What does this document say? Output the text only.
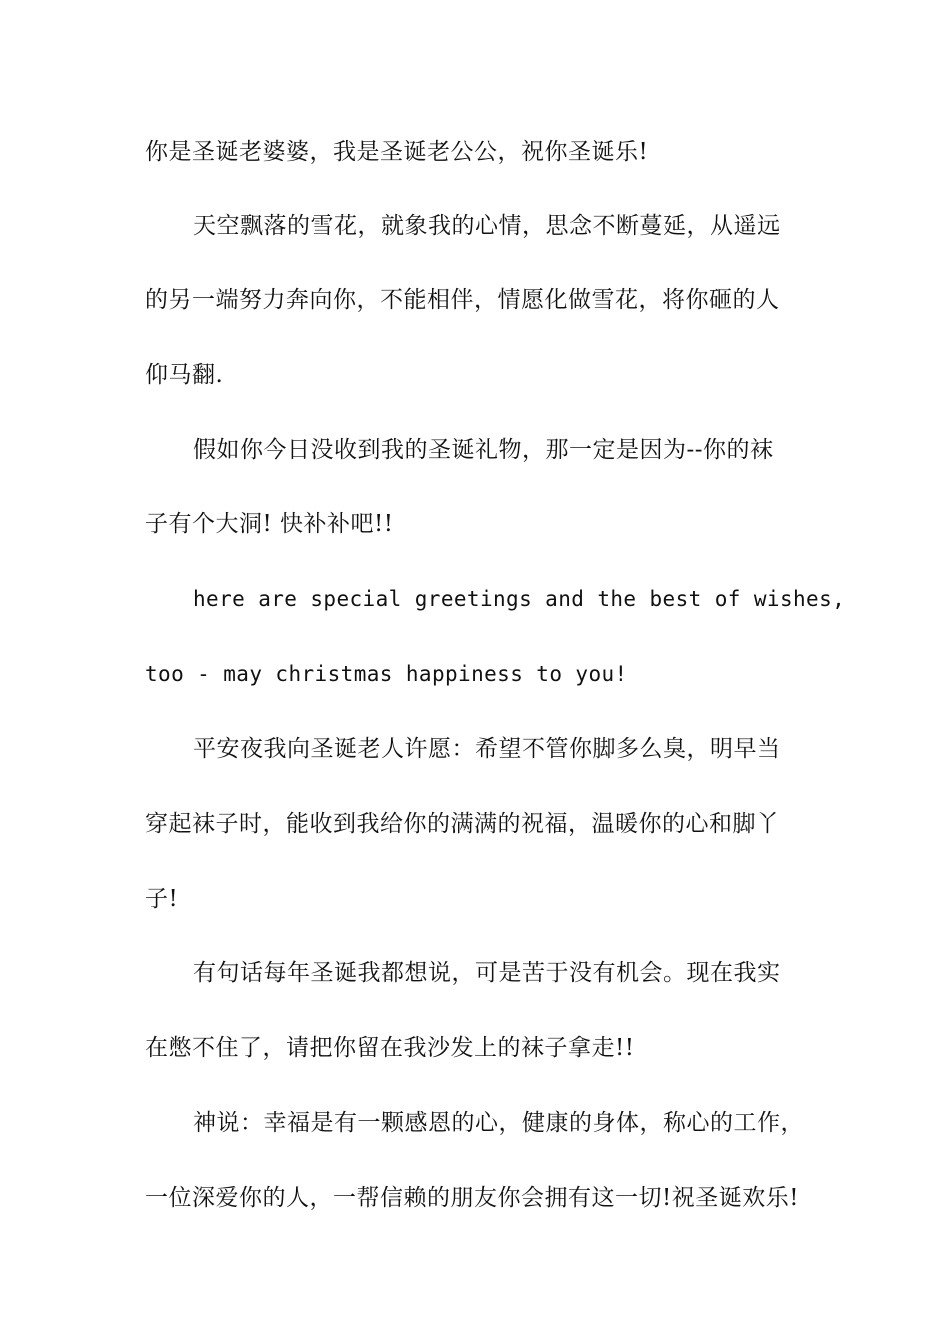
你是圣诞老婆婆，我是圣诞老公公，祝你圣诞乐!
天空飘落的雪花，就象我的心情，思念不断蔓延，从遥远
的另一端努力奔向你，不能相伴，情愿化做雪花，将你砸的人
仰马翻.
假如你今日没收到我的圣诞礼物，那一定是因为--你的袜
子有个大洞! 快补补吧!!
here are special greetings and the best of wishes,
too - may christmas happiness to you!
平安夜我向圣诞老人许愿：希望不管你脚多么臭，明早当
穿起袜子时，能收到我给你的满满的祝福，温暖你的心和脚丫
子!
有句话每年圣诞我都想说，可是苦于没有机会。现在我实
在憋不住了，请把你留在我沙发上的袜子拿走!!
神说：幸福是有一颗感恩的心，健康的身体，称心的工作，
一位深爱你的人，一帮信赖的朋友你会拥有这一切!祝圣诞欢乐!
